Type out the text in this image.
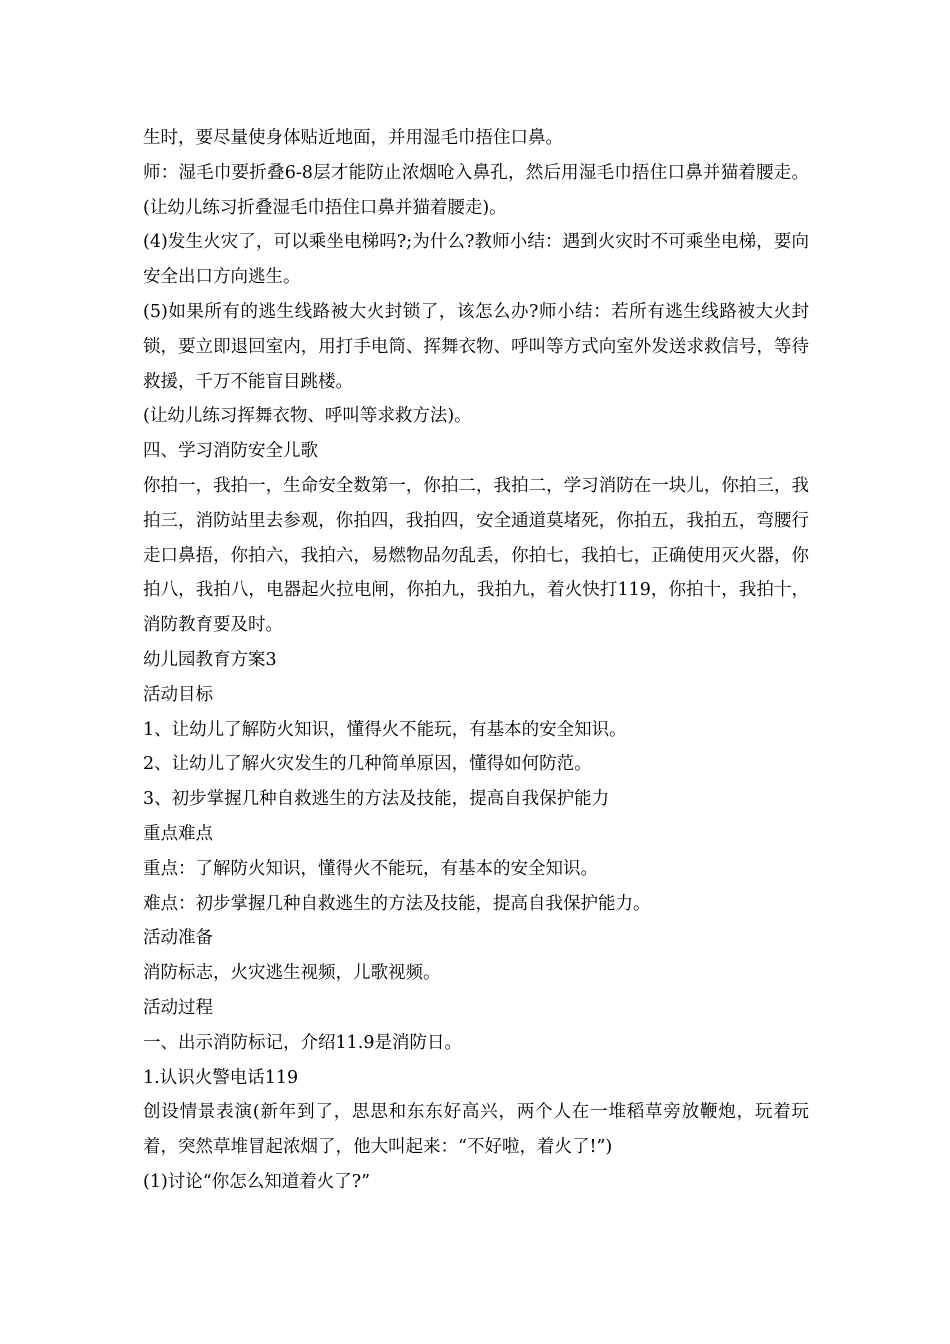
生时，要尽量使身体贴近地面，并用湿毛巾捂住口鼻。

师：湿毛巾要折叠6-8层才能防止浓烟呛入鼻孔，然后用湿毛巾捂住口鼻并猫着腰走。(让幼儿练习折叠湿毛巾捂住口鼻并猫着腰走)。

(4)发生火灾了，可以乘坐电梯吗?;为什么?教师小结：遇到火灾时不可乘坐电梯，要向安全出口方向逃生。

(5)如果所有的逃生线路被大火封锁了，该怎么办?师小结：若所有逃生线路被大火封锁，要立即退回室内，用打手电筒、挥舞衣物、呼叫等方式向室外发送求救信号，等待救援，千万不能盲目跳楼。

(让幼儿练习挥舞衣物、呼叫等求救方法)。

四、学习消防安全儿歌

你拍一，我拍一，生命安全数第一，你拍二，我拍二，学习消防在一块儿，你拍三，我拍三，消防站里去参观，你拍四，我拍四，安全通道莫堵死，你拍五，我拍五，弯腰行走口鼻捂，你拍六，我拍六，易燃物品勿乱丢，你拍七，我拍七，正确使用灭火器，你拍八，我拍八，电器起火拉电闸，你拍九，我拍九，着火快打119，你拍十，我拍十，消防教育要及时。

幼儿园教育方案3

活动目标

1、让幼儿了解防火知识，懂得火不能玩，有基本的安全知识。

2、让幼儿了解火灾发生的几种简单原因，懂得如何防范。

3、初步掌握几种自救逃生的方法及技能，提高自我保护能力

重点难点

重点：了解防火知识，懂得火不能玩，有基本的安全知识。

难点：初步掌握几种自救逃生的方法及技能，提高自我保护能力。

活动准备

消防标志，火灾逃生视频，儿歌视频。

活动过程

一、出示消防标记，介绍11.9是消防日。

1.认识火警电话119

创设情景表演(新年到了，思思和东东好高兴，两个人在一堆稻草旁放鞭炮，玩着玩着，突然草堆冒起浓烟了，他大叫起来：“不好啦，着火了!”)

(1)讨论“你怎么知道着火了?”
